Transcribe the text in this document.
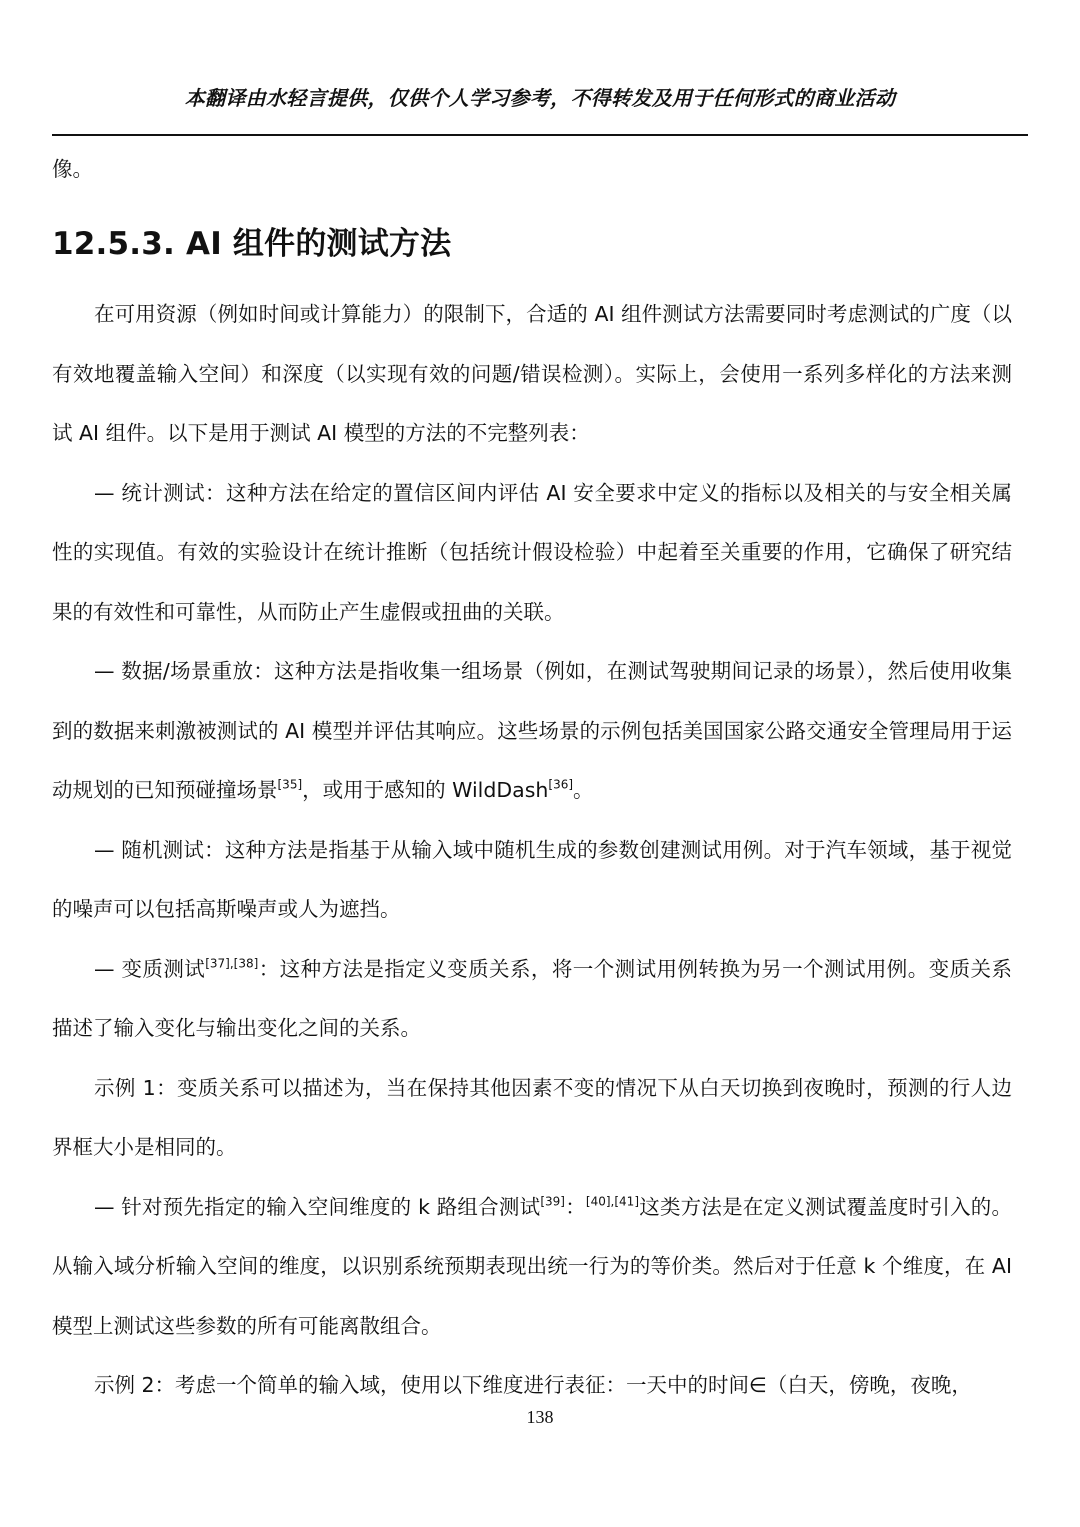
本翻译由水轻言提供，仅供个人学习参考，不得转发及用于任何形式的商业活动
像。
12.5.3. AI 组件的测试方法

在可用资源（例如时间或计算能力）的限制下，合适的 AI 组件测试方法需要同时考虑测试的广度（以有效地覆盖输入空间）和深度（以实现有效的问题/错误检测）。实际上，会使用一系列多样化的方法来测试 AI 组件。以下是用于测试 AI 模型的方法的不完整列表：

— 统计测试：这种方法在给定的置信区间内评估 AI 安全要求中定义的指标以及相关的与安全相关属性的实现值。有效的实验设计在统计推断（包括统计假设检验）中起着至关重要的作用，它确保了研究结果的有效性和可靠性，从而防止产生虚假或扭曲的关联。

— 数据/场景重放：这种方法是指收集一组场景（例如，在测试驾驶期间记录的场景），然后使用收集到的数据来刺激被测试的 AI 模型并评估其响应。这些场景的示例包括美国国家公路交通安全管理局用于运动规划的已知预碰撞场景[35]，或用于感知的 WildDash[36]。

— 随机测试：这种方法是指基于从输入域中随机生成的参数创建测试用例。对于汽车领域，基于视觉的噪声可以包括高斯噪声或人为遮挡。

— 变质测试[37],[38]：这种方法是指定义变质关系，将一个测试用例转换为另一个测试用例。变质关系描述了输入变化与输出变化之间的关系。

示例 1：变质关系可以描述为，当在保持其他因素不变的情况下从白天切换到夜晚时，预测的行人边界框大小是相同的。

— 针对预先指定的输入空间维度的 k 路组合测试[39]：[40],[41]这类方法是在定义测试覆盖度时引入的。从输入域分析输入空间的维度，以识别系统预期表现出统一行为的等价类。然后对于任意 k 个维度，在 AI 模型上测试这些参数的所有可能离散组合。

示例 2：考虑一个简单的输入域，使用以下维度进行表征：一天中的时间∈（白天，傍晚，夜晚，

138
